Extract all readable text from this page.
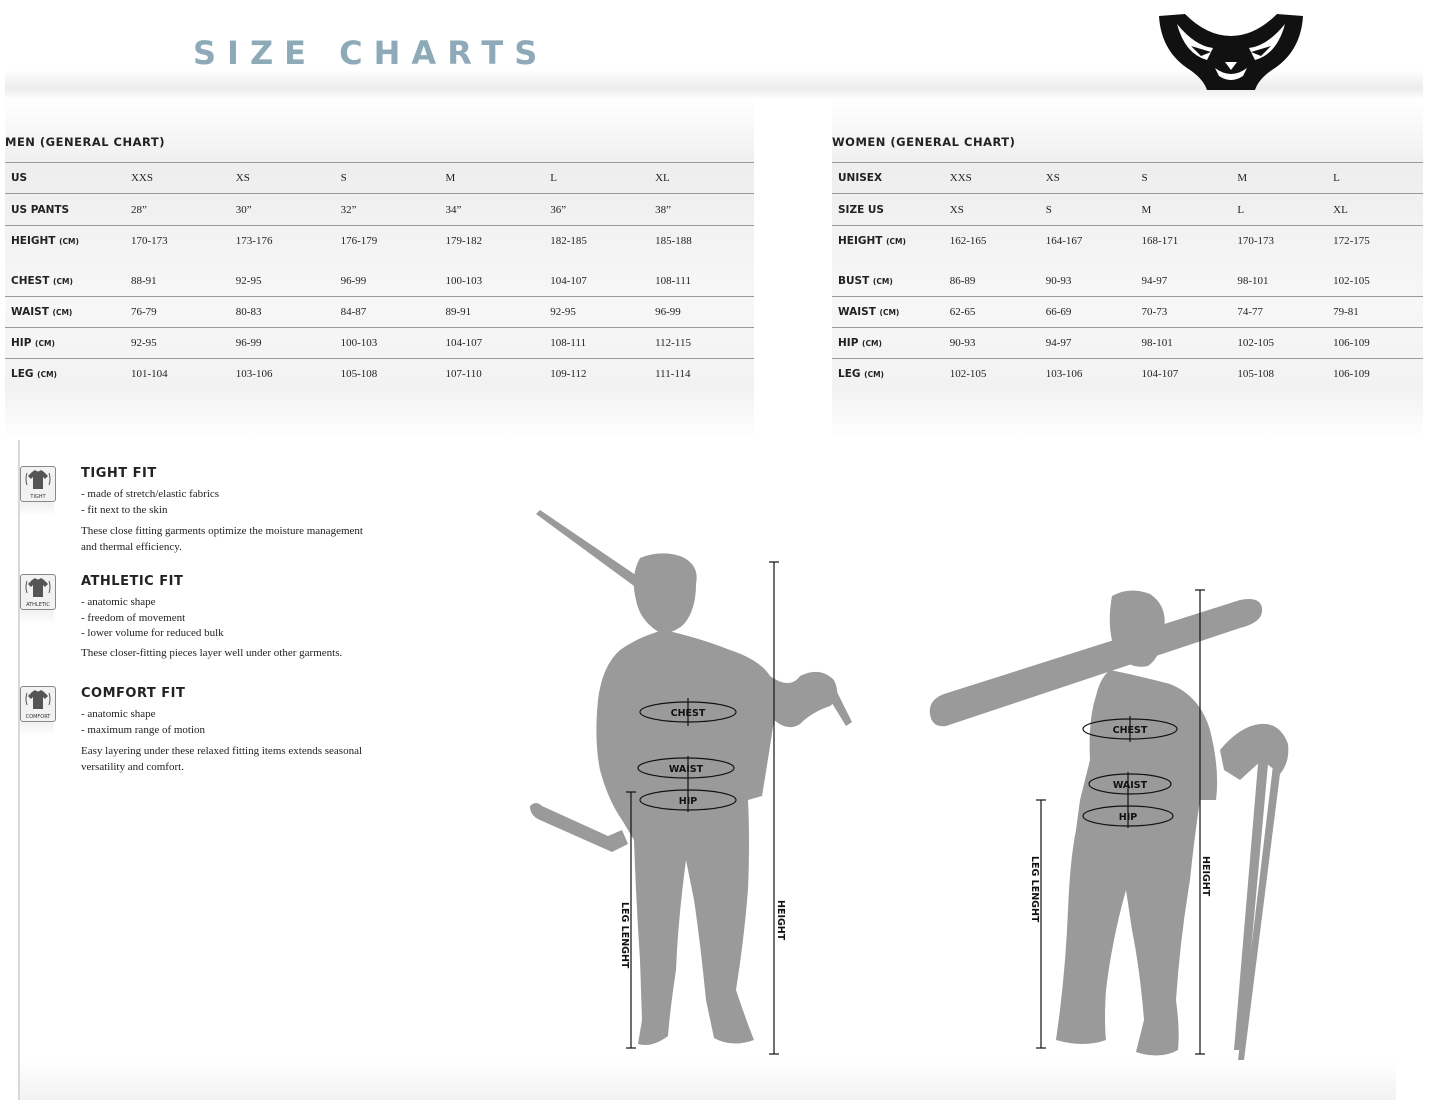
SIZE CHARTS
MEN (GENERAL CHART)
US	XXS	XS	S	M	L	XL
US PANTS	28”	30”	32”	34”	36”	38”
HEIGHT (CM)	170-173	173-176	176-179	179-182	182-185	185-188
CHEST (CM)	88-91	92-95	96-99	100-103	104-107	108-111
WAIST (CM)	76-79	80-83	84-87	89-91	92-95	96-99
HIP (CM)	92-95	96-99	100-103	104-107	108-111	112-115
LEG (CM)	101-104	103-106	105-108	107-110	109-112	111-114
WOMEN (GENERAL CHART)
UNISEX	XXS	XS	S	M	L
SIZE US	XS	S	M	L	XL
HEIGHT (CM)	162-165	164-167	168-171	170-173	172-175
BUST (CM)	86-89	90-93	94-97	98-101	102-105
WAIST (CM)	62-65	66-69	70-73	74-77	79-81
HIP (CM)	90-93	94-97	98-101	102-105	106-109
LEG (CM)	102-105	103-106	104-107	105-108	106-109
TIGHT
TIGHT FIT
- made of stretch/elastic fabrics
- fit next to the skin
These close fitting garments optimize the moisture management and thermal efficiency.
ATHLETIC
ATHLETIC FIT
- anatomic shape
- freedom of movement
- lower volume for reduced bulk
These closer-fitting pieces layer well under other garments.
COMFORT
COMFORT FIT
- anatomic shape
- maximum range of motion
Easy layering under these relaxed fitting items extends seasonal versatility and comfort.
CHEST
WAIST
HIP
HEIGHT
LEG LENGHT
CHEST
WAIST
HIP
HEIGHT
LEG LENGHT
